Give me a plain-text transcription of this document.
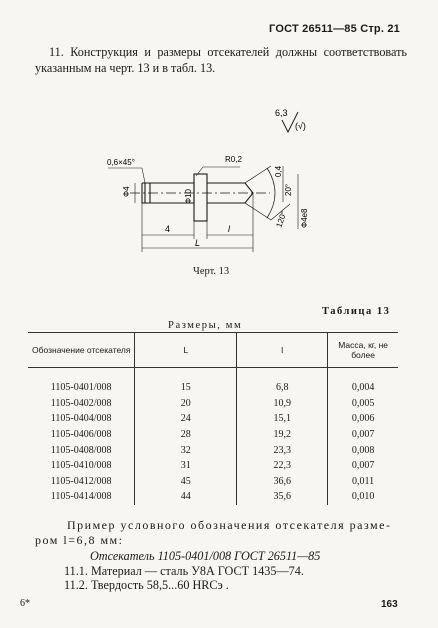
ГОСТ 26511—85 Стр. 21
11. Конструкция и размеры отсекателей должны соответствовать указанным на черт. 13 и в табл. 13.
6,3
(√)
0,6×45°	R0,2
Ф4	Ф10
0,4
20°
120° Ф4е8
4	l
L
Черт. 13
Таблица 13
Размеры, мм
Обозначение отсекателя	L	l	Масса, кг, не более
1105-0401/008	15	6,8	0,004
1105-0402/008	20	10,9	0,005
1105-0404/008	24	15,1	0,006
1105-0406/008	28	19,2	0,007
1105-0408/008	32	23,3	0,008
1105-0410/008	31	22,3	0,007
1105-0412/008	45	36,6	0,011
1105-0414/008	44	35,6	0,010
Пример условного обозначения отсекателя размером l=6,8 мм:
Отсекатель 1105-0401/008 ГОСТ 26511—85
11.1. Материал — сталь У8А ГОСТ 1435—74.
11.2. Твердость 58,5...60 HRCэ .
6*	163
